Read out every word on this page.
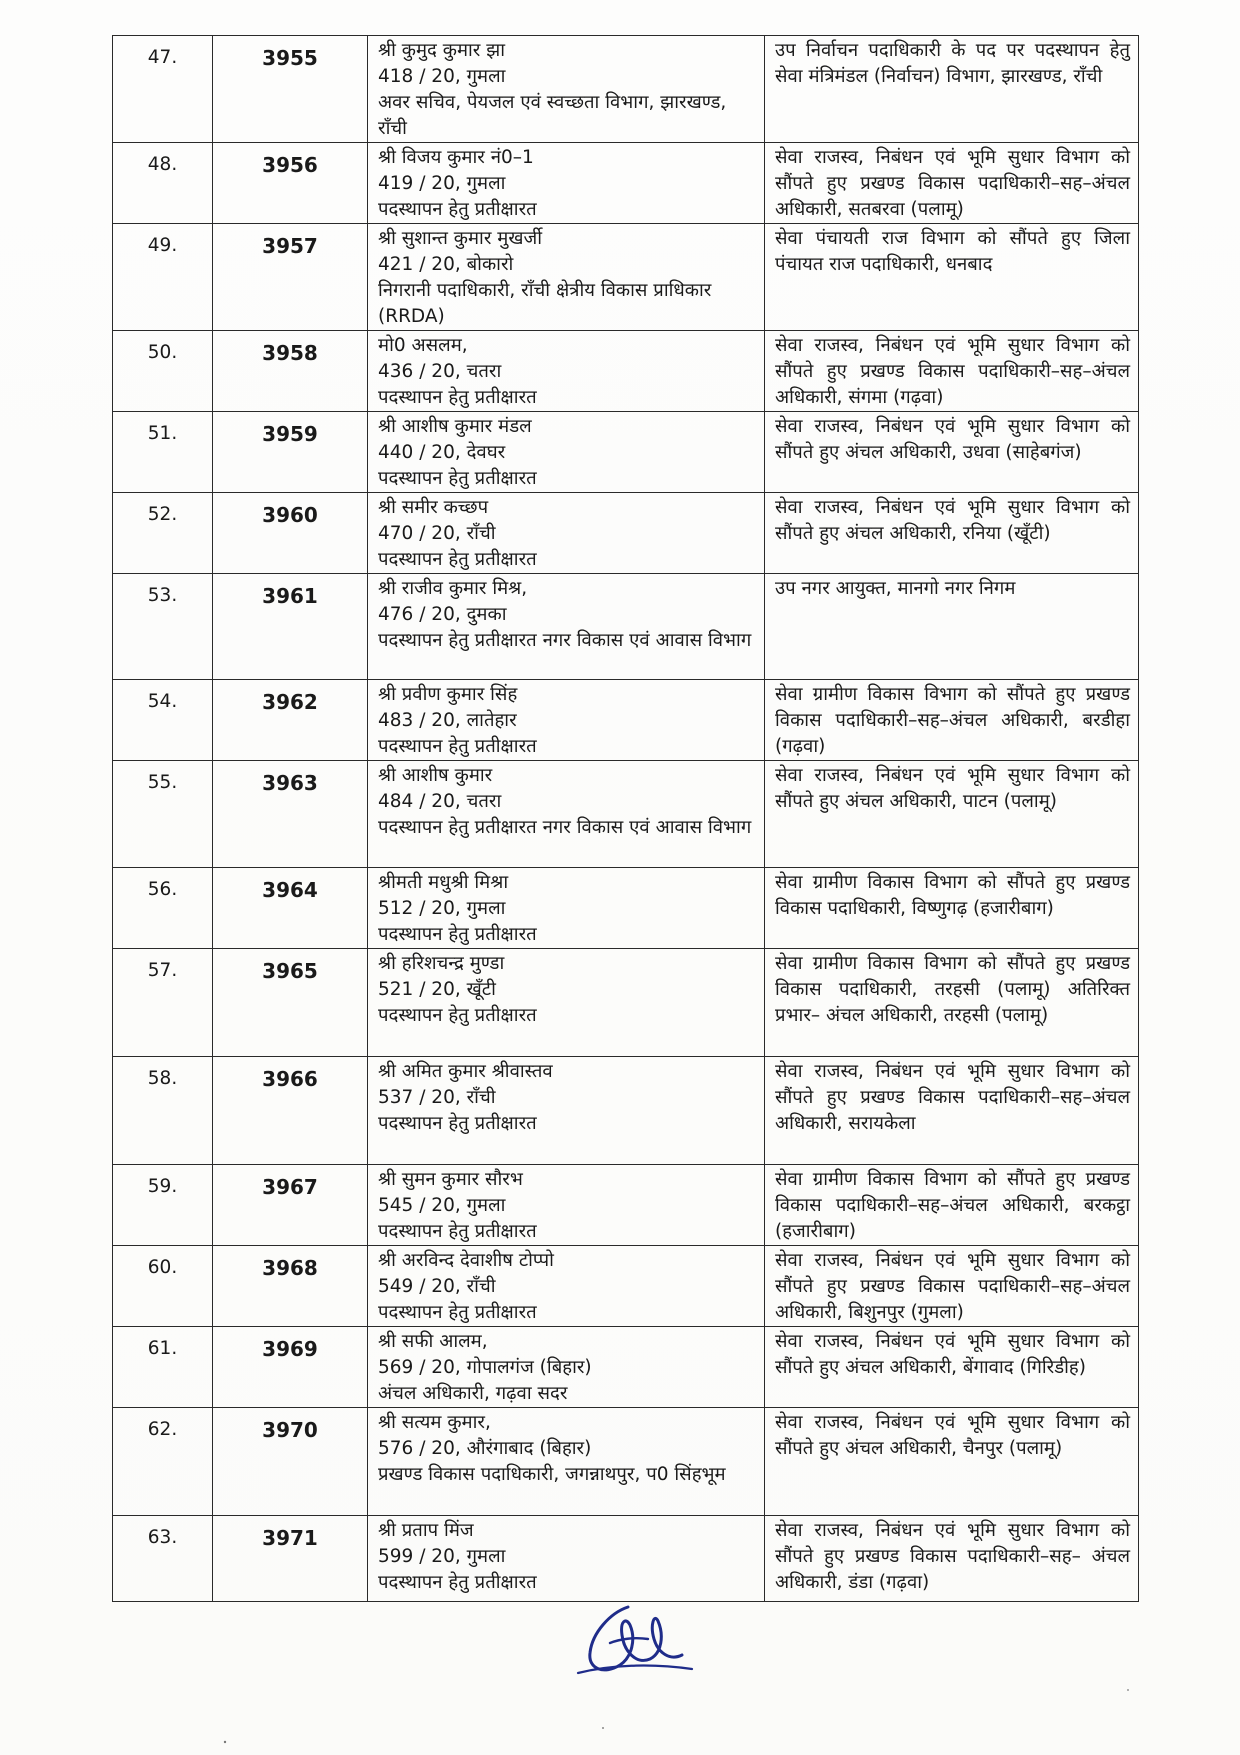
47.	3955	श्री कुमुद कुमार झा
418 / 20, गुमला
अवर सचिव, पेयजल एवं स्वच्छता विभाग, झारखण्ड, राँची	उप निर्वाचन पदाधिकारी के पद पर पदस्थापन हेतु सेवा मंत्रिमंडल (निर्वाचन) विभाग, झारखण्ड, राँची
48.	3956	श्री विजय कुमार नं0–1
419 / 20, गुमला
पदस्थापन हेतु प्रतीक्षारत	सेवा राजस्व, निबंधन एवं भूमि सुधार विभाग को सौंपते हुए प्रखण्ड विकास पदाधिकारी–सह–अंचल अधिकारी, सतबरवा (पलामू)
49.	3957	श्री सुशान्त कुमार मुखर्जी
421 / 20, बोकारो
निगरानी पदाधिकारी, राँची क्षेत्रीय विकास प्राधिकार (RRDA)	सेवा पंचायती राज विभाग को सौंपते हुए जिला पंचायत राज पदाधिकारी, धनबाद
50.	3958	मो0 असलम,
436 / 20, चतरा
पदस्थापन हेतु प्रतीक्षारत	सेवा राजस्व, निबंधन एवं भूमि सुधार विभाग को सौंपते हुए प्रखण्ड विकास पदाधिकारी–सह–अंचल अधिकारी, संगमा (गढ़वा)
51.	3959	श्री आशीष कुमार मंडल
440 / 20, देवघर
पदस्थापन हेतु प्रतीक्षारत	सेवा राजस्व, निबंधन एवं भूमि सुधार विभाग को सौंपते हुए अंचल अधिकारी, उधवा (साहेबगंज)
52.	3960	श्री समीर कच्छप
470 / 20, राँची
पदस्थापन हेतु प्रतीक्षारत	सेवा राजस्व, निबंधन एवं भूमि सुधार विभाग को सौंपते हुए अंचल अधिकारी, रनिया (खूँटी)
53.	3961	श्री राजीव कुमार मिश्र,
476 / 20, दुमका
पदस्थापन हेतु प्रतीक्षारत नगर विकास एवं आवास विभाग	उप नगर आयुक्त, मानगो नगर निगम
54.	3962	श्री प्रवीण कुमार सिंह
483 / 20, लातेहार
पदस्थापन हेतु प्रतीक्षारत	सेवा ग्रामीण विकास विभाग को सौंपते हुए प्रखण्ड विकास पदाधिकारी–सह–अंचल अधिकारी, बरडीहा (गढ़वा)
55.	3963	श्री आशीष कुमार
484 / 20, चतरा
पदस्थापन हेतु प्रतीक्षारत नगर विकास एवं आवास विभाग	सेवा राजस्व, निबंधन एवं भूमि सुधार विभाग को सौंपते हुए अंचल अधिकारी, पाटन (पलामू)
56.	3964	श्रीमती मधुश्री मिश्रा
512 / 20, गुमला
पदस्थापन हेतु प्रतीक्षारत	सेवा ग्रामीण विकास विभाग को सौंपते हुए प्रखण्ड विकास पदाधिकारी, विष्णुगढ़ (हजारीबाग)
57.	3965	श्री हरिशचन्द्र मुण्डा
521 / 20, खूँटी
पदस्थापन हेतु प्रतीक्षारत	सेवा ग्रामीण विकास विभाग को सौंपते हुए प्रखण्ड विकास पदाधिकारी, तरहसी (पलामू) अतिरिक्त प्रभार– अंचल अधिकारी, तरहसी (पलामू)
58.	3966	श्री अमित कुमार श्रीवास्तव
537 / 20, राँची
पदस्थापन हेतु प्रतीक्षारत	सेवा राजस्व, निबंधन एवं भूमि सुधार विभाग को सौंपते हुए प्रखण्ड विकास पदाधिकारी–सह–अंचल अधिकारी, सरायकेला
59.	3967	श्री सुमन कुमार सौरभ
545 / 20, गुमला
पदस्थापन हेतु प्रतीक्षारत	सेवा ग्रामीण विकास विभाग को सौंपते हुए प्रखण्ड विकास पदाधिकारी–सह–अंचल अधिकारी, बरकट्ठा (हजारीबाग)
60.	3968	श्री अरविन्द देवाशीष टोप्पो
549 / 20, राँची
पदस्थापन हेतु प्रतीक्षारत	सेवा राजस्व, निबंधन एवं भूमि सुधार विभाग को सौंपते हुए प्रखण्ड विकास पदाधिकारी–सह–अंचल अधिकारी, बिशुनपुर (गुमला)
61.	3969	श्री सफी आलम,
569 / 20, गोपालगंज (बिहार)
अंचल अधिकारी, गढ़वा सदर	सेवा राजस्व, निबंधन एवं भूमि सुधार विभाग को सौंपते हुए अंचल अधिकारी, बेंगावाद (गिरिडीह)
62.	3970	श्री सत्यम कुमार,
576 / 20, औरंगाबाद (बिहार)
प्रखण्ड विकास पदाधिकारी, जगन्नाथपुर, प0 सिंहभूम	सेवा राजस्व, निबंधन एवं भूमि सुधार विभाग को सौंपते हुए अंचल अधिकारी, चैनपुर (पलामू)
63.	3971	श्री प्रताप मिंज
599 / 20, गुमला
पदस्थापन हेतु प्रतीक्षारत	सेवा राजस्व, निबंधन एवं भूमि सुधार विभाग को सौंपते हुए प्रखण्ड विकास पदाधिकारी–सह– अंचल अधिकारी, डंडा (गढ़वा)
